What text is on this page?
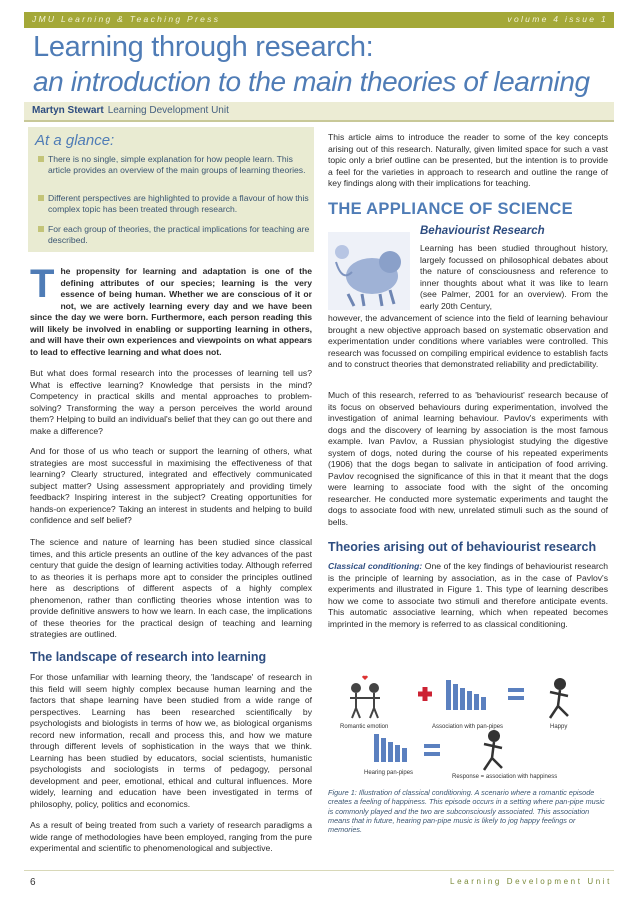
JMU Learning & Teaching Press	volume 4 issue 1
Learning through research:
an introduction to the main theories of learning
Martyn Stewart Learning Development Unit
At a glance:
There is no single, simple explanation for how people learn. This article provides an overview of the main groups of learning theories.
Different perspectives are highlighted to provide a flavour of how this complex topic has been treated through research.
For each group of theories, the practical implications for teaching are described.
The propensity for learning and adaptation is one of the defining attributes of our species; learning is the very essence of being human. Whether we are conscious of it or not, we are actively learning every day and we have been since the day we were born. Furthermore, each person reading this will likely be involved in enabling or supporting learning in others, and will have their own experiences and viewpoints on what appears to lead to effective learning and what does not.
But what does formal research into the processes of learning tell us? What is effective learning? Knowledge that persists in the mind? Competency in practical skills and mental approaches to problem-solving? Transforming the way a person perceives the world around them? Helping to build an individual's belief that they can go out there and make a difference?
And for those of us who teach or support the learning of others, what strategies are most successful in maximising the effectiveness of that learning? Clearly structured, integrated and effectively communicated subject matter? Using assessment appropriately and providing timely feedback? Inspiring interest in the subject? Creating opportunities for hands-on experience? Taking an interest in students and helping to build confidence and self belief?
The science and nature of learning has been studied since classical times, and this article presents an outline of the key advances of the past century that guide the design of learning activities today. Although referred to as theories it is perhaps more apt to consider the principles outlined here as descriptions of different aspects of a highly complex phenomenon, rather than conflicting theories whose intention was to provide definitive answers to how we learn. In each case, the implications of these theories for the practical design of teaching and learning strategies are outlined.
The landscape of research into learning
For those unfamiliar with learning theory, the 'landscape' of research in this field will seem highly complex because human learning and the factors that shape learning have been studied from a wide range of perspectives. Learning has been researched scientifically by psychologists and biologists in terms of how we, as biological organisms record new information, recall and process this, and how we mature through different levels of sophistication in the ways that we think. Learning has been studied by educators, social scientists, humanistic psychologists and sociologists in terms of pedagogy, personal development and peer, emotional, ethical and cultural influences. More widely, learning and education have been investigated in terms of philosophy, policy, politics and economics.
As a result of being treated from such a variety of research paradigms a wide range of methodologies have been employed, ranging from the pure experimental and scientific to phenomenological and subjective.
This article aims to introduce the reader to some of the key concepts arising out of this research. Naturally, given limited space for such a vast topic only a brief outline can be presented, but the intention is to provide a feel for the varieties in approach to research and outline the range of key findings along with their implications for teaching.
THE APPLIANCE OF SCIENCE
Behaviourist Research
Learning has been studied throughout history, largely focussed on philosophical debates about the nature of consciousness and reference to inner thoughts about what it was like to learn (see Palmer, 2001 for an overview). From the early 20th Century,
however, the advancement of science into the field of learning behaviour brought a new objective approach based on systematic observation and experimentation under conditions where variables were controlled. This research was focussed on compiling empirical evidence to establish facts and to construct theories that demonstrated reliability and predictability.
Much of this research, referred to as 'behaviourist' research because of its focus on observed behaviours during experimentation, involved the investigation of animal learning behaviour. Pavlov's experiments with dogs and the discovery of learning by association is the most famous example. Ivan Pavlov, a Russian physiologist studying the digestive system of dogs, noted during the course of his repeated experiments (1906) that the dogs began to salivate in anticipation of food arriving. Pavlov recognised the significance of this in that it meant that the dogs were learning to associate food with the sight of the oncoming researcher. He conducted more systematic experiments and taught the dogs to associate food with new, unrelated stimuli such as the sound of bells.
Theories arising out of behaviourist research
Classical conditioning: One of the key findings of behaviourist research is the principle of learning by association, as in the case of Pavlov's experiments and illustrated in Figure 1. This type of learning describes how we come to associate two stimuli and therefore anticipate events. This automatic associative learning, which when repeated becomes imprinted in the memory is referred to as classical conditioning.
Romantic emotion	Association with pan-pipes	Happy
Hearing pan-pipes
Response = association with happiness
Figure 1: Illustration of classical conditioning. A scenario where a romantic episode creates a feeling of happiness. This episode occurs in a setting where pan-pipe music is commonly played and the two are subconsciously associated. This association means that in future, hearing pan-pipe music is likely to jog happy feelings or memories.
6	Learning Development Unit
